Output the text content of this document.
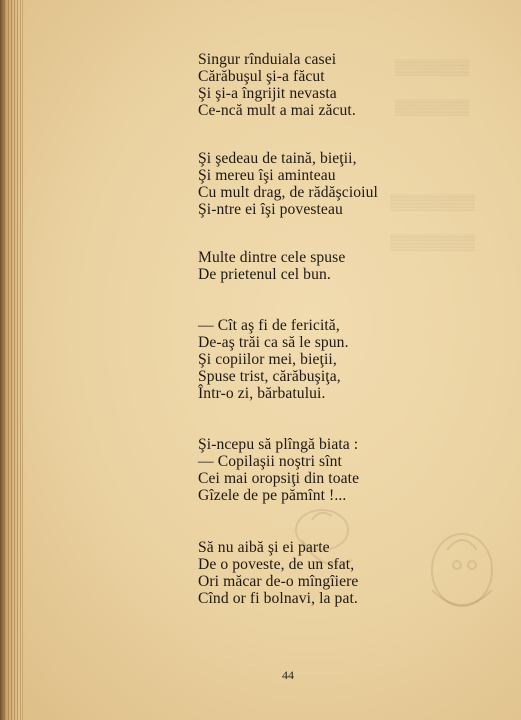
▒▒▒▒▒▒▒
▒▒▒▒▒▒▒
▒▒▒▒▒▒▒▒
▒▒▒▒▒▒▒▒
Singur rînduiala casei
Cărăbuşul şi-a făcut
Şi şi-a îngrijit nevasta
Ce-ncă mult a mai zăcut.
Şi şedeau de taină, bieţii,
Şi mereu îşi aminteau
Cu mult drag, de rădăşcioiul
Şi-ntre ei îşi povesteau
Multe dintre cele spuse
De prietenul cel bun.
— Cît aş fi de fericită,
De-aş trăi ca să le spun.
Şi copiilor mei, bieţii,
Spuse trist, cărăbuşiţa,
Într-o zi, bărbatului.
Şi-ncepu să plîngă biata :
— Copilaşii noştri sînt
Cei mai oropsiţi din toate
Gîzele de pe pămînt !...
Să nu aibă şi ei parte
De o poveste, de un sfat,
Ori măcar de-o mîngîiere
Cînd or fi bolnavi, la pat.
44
